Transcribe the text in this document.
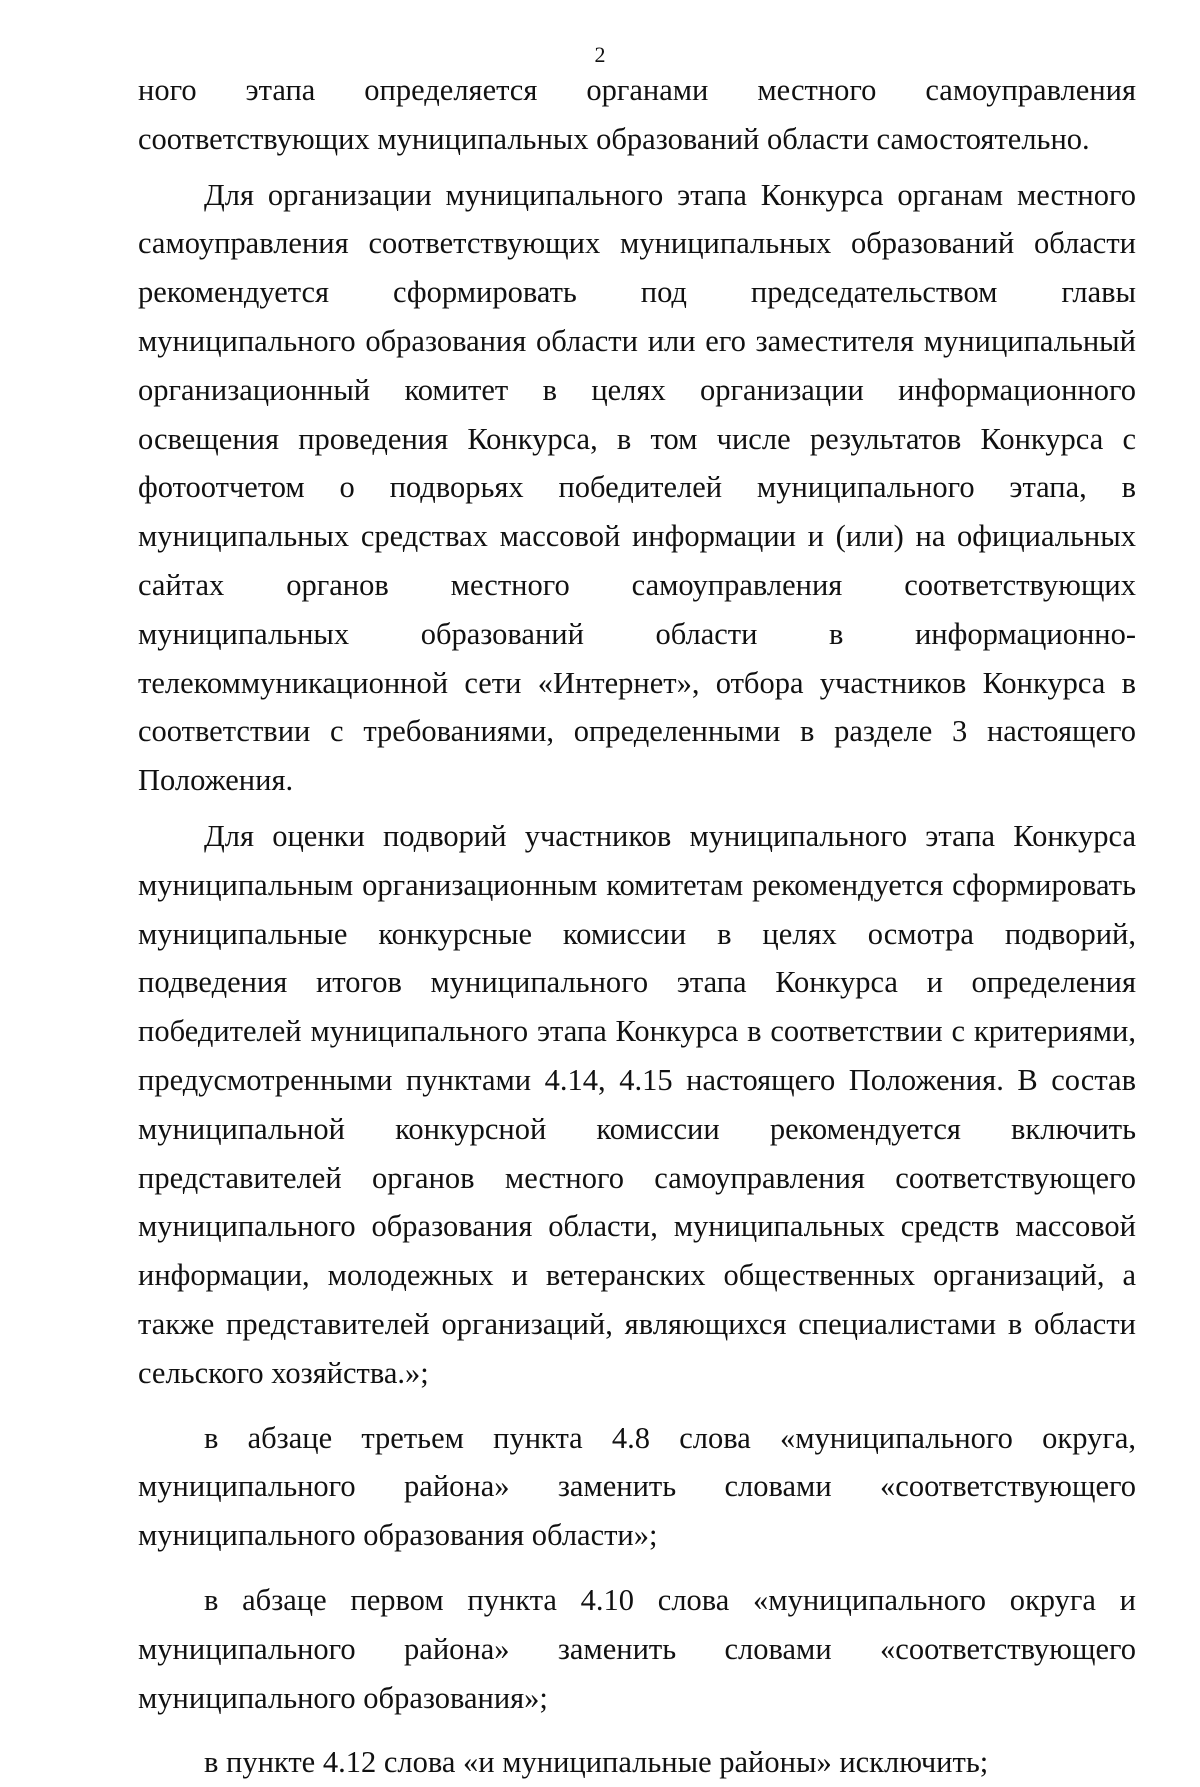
2

ного этапа определяется органами местного самоуправления соответствующих муниципальных образований области самостоятельно.

Для организации муниципального этапа Конкурса органам местного самоуправления соответствующих муниципальных образований области рекомендуется сформировать под председательством главы муниципального образования области или его заместителя муниципальный организационный комитет в целях организации информационного освещения проведения Конкурса, в том числе результатов Конкурса с фотоотчетом о подворьях победителей муниципального этапа, в муниципальных средствах массовой информации и (или) на официальных сайтах органов местного самоуправления соответствующих муниципальных образований области в информационно-телекоммуникационной сети «Интернет», отбора участников Конкурса в соответствии с требованиями, определенными в разделе 3 настоящего Положения.

Для оценки подворий участников муниципального этапа Конкурса муниципальным организационным комитетам рекомендуется сформировать муниципальные конкурсные комиссии в целях осмотра подворий, подведения итогов муниципального этапа Конкурса и определения победителей муниципального этапа Конкурса в соответствии с критериями, предусмотренными пунктами 4.14, 4.15 настоящего Положения. В состав муниципальной конкурсной комиссии рекомендуется включить представителей органов местного самоуправления соответствующего муниципального образования области, муниципальных средств массовой информации, молодежных и ветеранских общественных организаций, а также представителей организаций, являющихся специалистами в области сельского хозяйства.»;

в абзаце третьем пункта 4.8 слова «муниципального округа, муниципального района» заменить словами «соответствующего муниципального образования области»;

в абзаце первом пункта 4.10 слова «муниципального округа и муниципального района» заменить словами «соответствующего муниципального образования»;

в пункте 4.12 слова «и муниципальные районы» исключить;
